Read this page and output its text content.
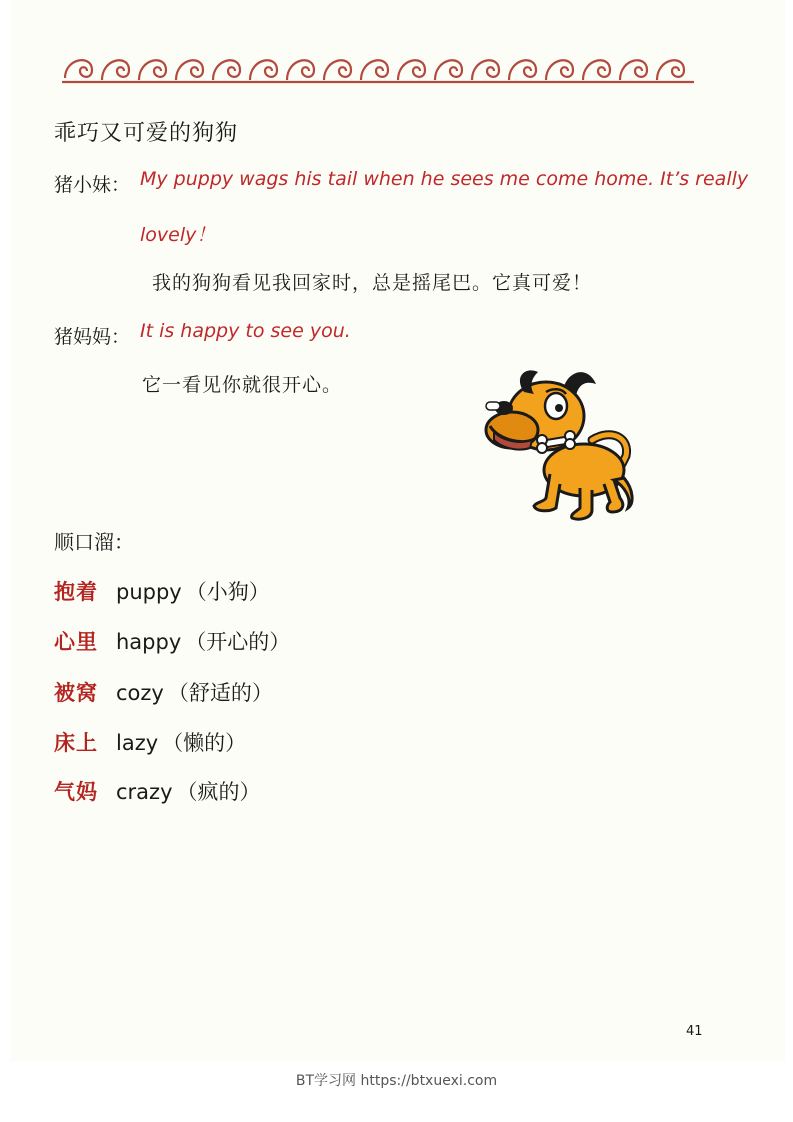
乖巧又可爱的狗狗
猪小妹： My puppy wags his tail when he sees me come home. It’s really
lovely！
我的狗狗看见我回家时，总是摇尾巴。它真可爱！
猪妈妈： It is happy to see you.
它一看见你就很开心。
顺口溜：
抱着 puppy （小狗）
心里 happy （开心的）
被窝 cozy （舒适的）
床上 lazy （懒的）
气妈 crazy （疯的）
41
BT学习网 https://btxuexi.com
